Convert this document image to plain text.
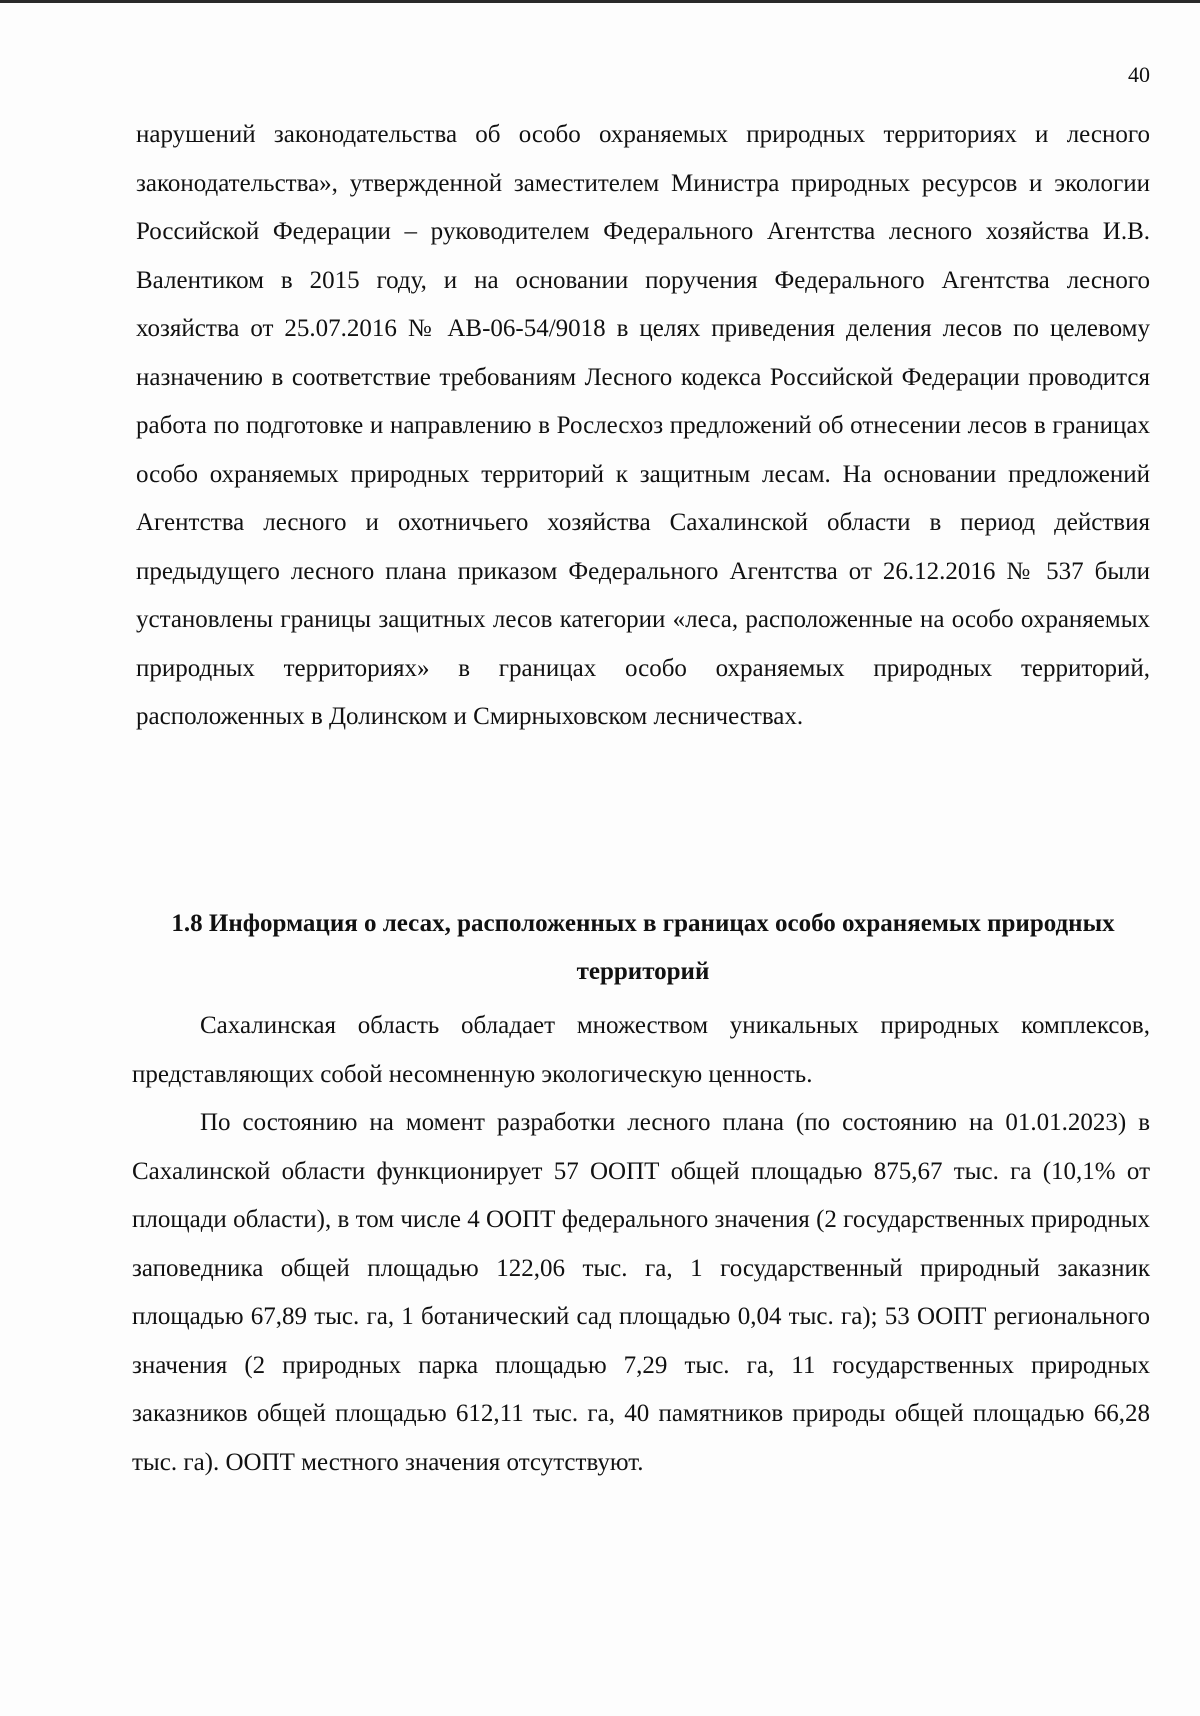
40

нарушений законодательства об особо охраняемых природных территориях и лесного законодательства», утвержденной заместителем Министра природных ресурсов и экологии Российской Федерации – руководителем Федерального Агентства лесного хозяйства И.В. Валентиком в 2015 году, и на основании поручения Федерального Агентства лесного хозяйства от 25.07.2016 № АВ-06-54/9018 в целях приведения деления лесов по целевому назначению в соответствие требованиям Лесного кодекса Российской Федерации проводится работа по подготовке и направлению в Рослесхоз предложений об отнесении лесов в границах особо охраняемых природных территорий к защитным лесам. На основании предложений Агентства лесного и охотничьего хозяйства Сахалинской области в период действия предыдущего лесного плана приказом Федерального Агентства от 26.12.2016 № 537 были установлены границы защитных лесов категории «леса, расположенные на особо охраняемых природных территориях» в границах особо охраняемых природных территорий, расположенных в Долинском и Смирныховском лесничествах.

1.8 Информация о лесах, расположенных в границах особо охраняемых природных территорий

Сахалинская область обладает множеством уникальных природных комплексов, представляющих собой несомненную экологическую ценность.

По состоянию на момент разработки лесного плана (по состоянию на 01.01.2023) в Сахалинской области функционирует 57 ООПТ общей площадью 875,67 тыс. га (10,1% от площади области), в том числе 4 ООПТ федерального значения (2 государственных природных заповедника общей площадью 122,06 тыс. га, 1 государственный природный заказник площадью 67,89 тыс. га, 1 ботанический сад площадью 0,04 тыс. га); 53 ООПТ регионального значения (2 природных парка площадью 7,29 тыс. га, 11 государственных природных заказников общей площадью 612,11 тыс. га, 40 памятников природы общей площадью 66,28 тыс. га). ООПТ местного значения отсутствуют.
